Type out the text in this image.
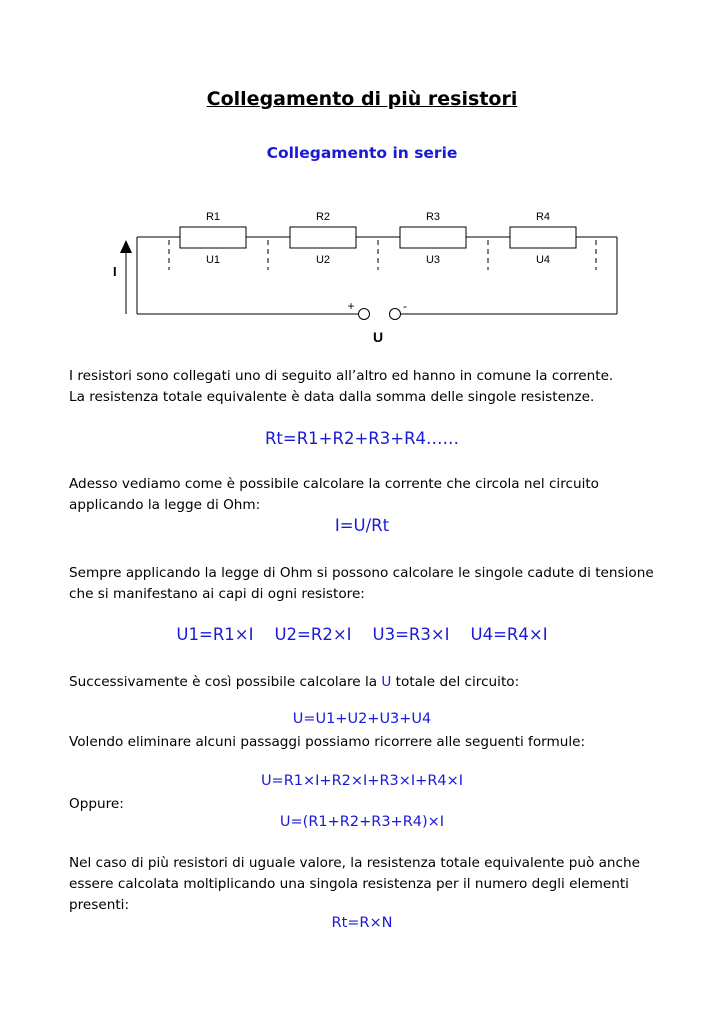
Collegamento di più resistori
Collegamento in serie
R1	R2	R3	R4
U1	U2	U3	U4
+	-
I
U
I resistori sono collegati uno di seguito all’altro ed hanno in comune la corrente.
La resistenza totale equivalente è data dalla somma delle singole resistenze.
Rt=R1+R2+R3+R4……
Adesso vediamo come è possibile calcolare la corrente che circola nel circuito
applicando la legge di Ohm:
I=U/Rt
Sempre applicando la legge di Ohm si possono calcolare le singole cadute di tensione
che si manifestano ai capi di ogni resistore:
U1=R1×I    U2=R2×I    U3=R3×I    U4=R4×I
Successivamente è così possibile calcolare la U totale del circuito:
U=U1+U2+U3+U4
Volendo eliminare alcuni passaggi possiamo ricorrere alle seguenti formule:
U=R1×I+R2×I+R3×I+R4×I
Oppure:
U=(R1+R2+R3+R4)×I
Nel caso di più resistori di uguale valore, la resistenza totale equivalente può anche
essere calcolata moltiplicando una singola resistenza per il numero degli elementi
presenti:
Rt=R×N
